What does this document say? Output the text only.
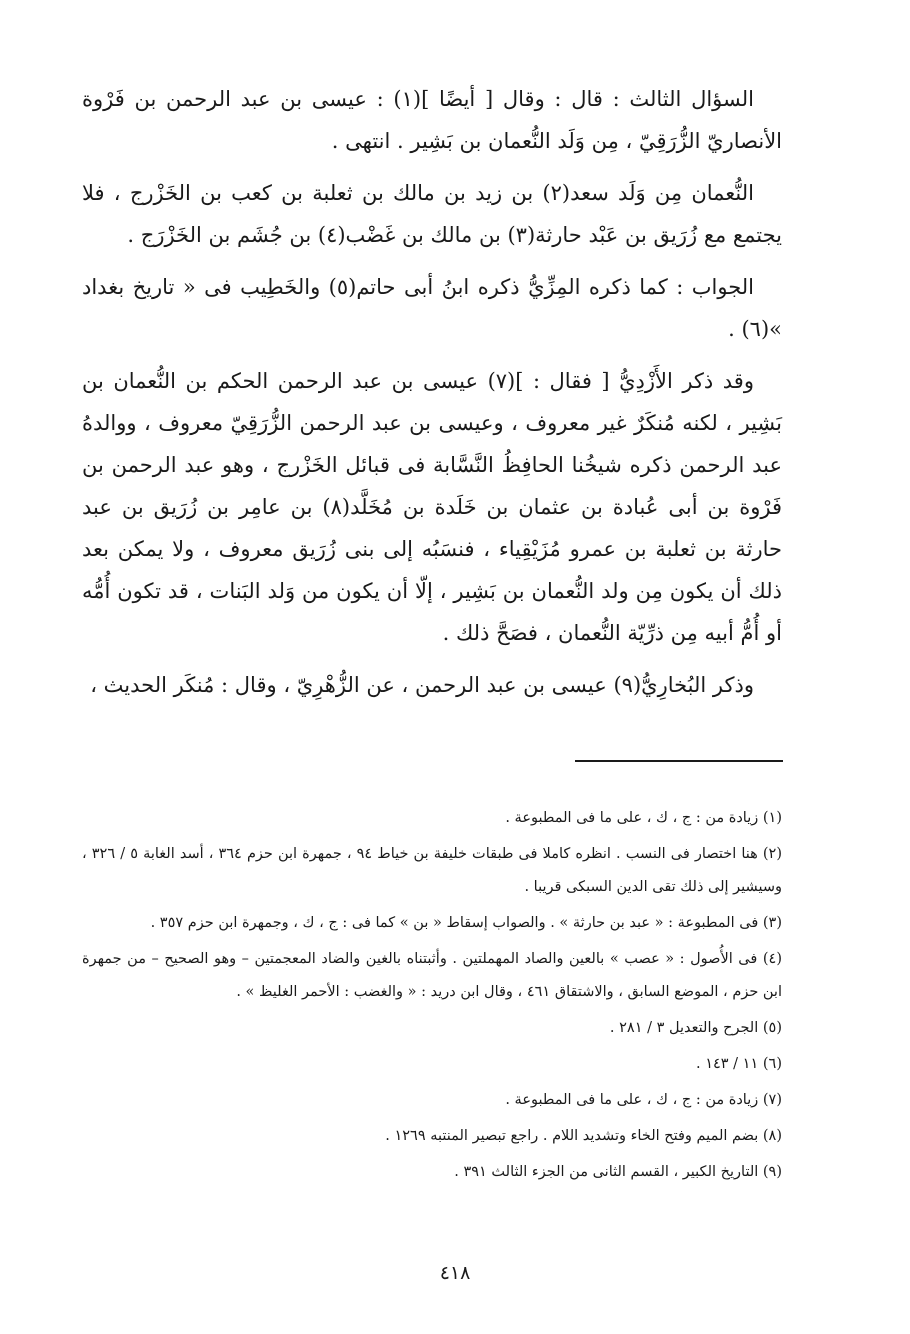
السؤال الثالث : قال : وقال [ أيضًا ](١) : عيسى بن عبد الرحمن بن فَرْوة الأنصاريّ الزُّرَقِيّ ، مِن وَلَد النُّعمان بن بَشِير . انتهى .

النُّعمان مِن وَلَد سعد(٢) بن زيد بن مالك بن ثعلبة بن كعب بن الخَزْرج ، فلا يجتمع مع زُرَيق بن عَبْد حارثة(٣) بن مالك بن غَضْب(٤) بن جُشَم بن الخَزْرَج .

الجواب : كما ذكره المِزِّيُّ ذكره ابنُ أبى حاتم(٥) والخَطِيب فى « تاريخ بغداد »(٦) .

وقد ذكر الأَزْدِيُّ [ فقال : ](٧) عيسى بن عبد الرحمن الحكم بن النُّعمان بن بَشِير ، لكنه مُنكَرٌ غير معروف ، وعيسى بن عبد الرحمن الزُّرَقِيّ معروف ، ووالدهُ عبد الرحمن ذكره شيخُنا الحافِظُ النَّسَّابة فى قبائل الخَزْرج ، وهو عبد الرحمن بن فَرْوة بن أبى عُبادة بن عثمان بن خَلَدة بن مُخَلَّد(٨) بن عامِر بن زُرَيق بن عبد حارثة بن ثعلبة بن عمرو مُزَيْقِياء ، فنسَبُه إلى بنى زُرَيق معروف ، ولا يمكن بعد ذلك أن يكون مِن ولد النُّعمان بن بَشِير ، إلّا أن يكون من وَلد البَنات ، قد تكون أُمُّه أو أُمُّ أبيه مِن ذرِّيّة النُّعمان ، فصَحَّ ذلك .

وذكر البُخارِيُّ(٩) عيسى بن عبد الرحمن ، عن الزُّهْرِيّ ، وقال : مُنكَر الحديث ،

(١) زيادة من : ج ، ك ، على ما فى المطبوعة .

(٢) هنا اختصار فى النسب . انظره كاملا فى طبقات خليفة بن خياط ٩٤ ، جمهرة ابن حزم ٣٦٤ ، أسد الغابة ٥ / ٣٢٦ ، وسيشير إلى ذلك تقى الدين السبكى قريبا .

(٣) فى المطبوعة : « عبد بن حارثة » . والصواب إسقاط « بن » كما فى : ج ، ك ، وجمهرة ابن حزم ٣٥٧ .

(٤) فى الأُصول : « عصب » بالعين والصاد المهملتين . وأثبتناه بالغين والضاد المعجمتين – وهو الصحيح – من جمهرة ابن حزم ، الموضع السابق ، والاشتقاق ٤٦١ ، وقال ابن دريد : « والغضب : الأحمر الغليظ » .

(٥) الجرح والتعديل ٣ / ٢٨١ .

(٦) ١١ / ١٤٣ .

(٧) زيادة من : ج ، ك ، على ما فى المطبوعة .

(٨) بضم الميم وفتح الخاء وتشديد اللام . راجع تبصير المنتبه ١٢٦٩ .

(٩) التاريخ الكبير ، القسم الثانى من الجزء الثالث ٣٩١ .

٤١٨
